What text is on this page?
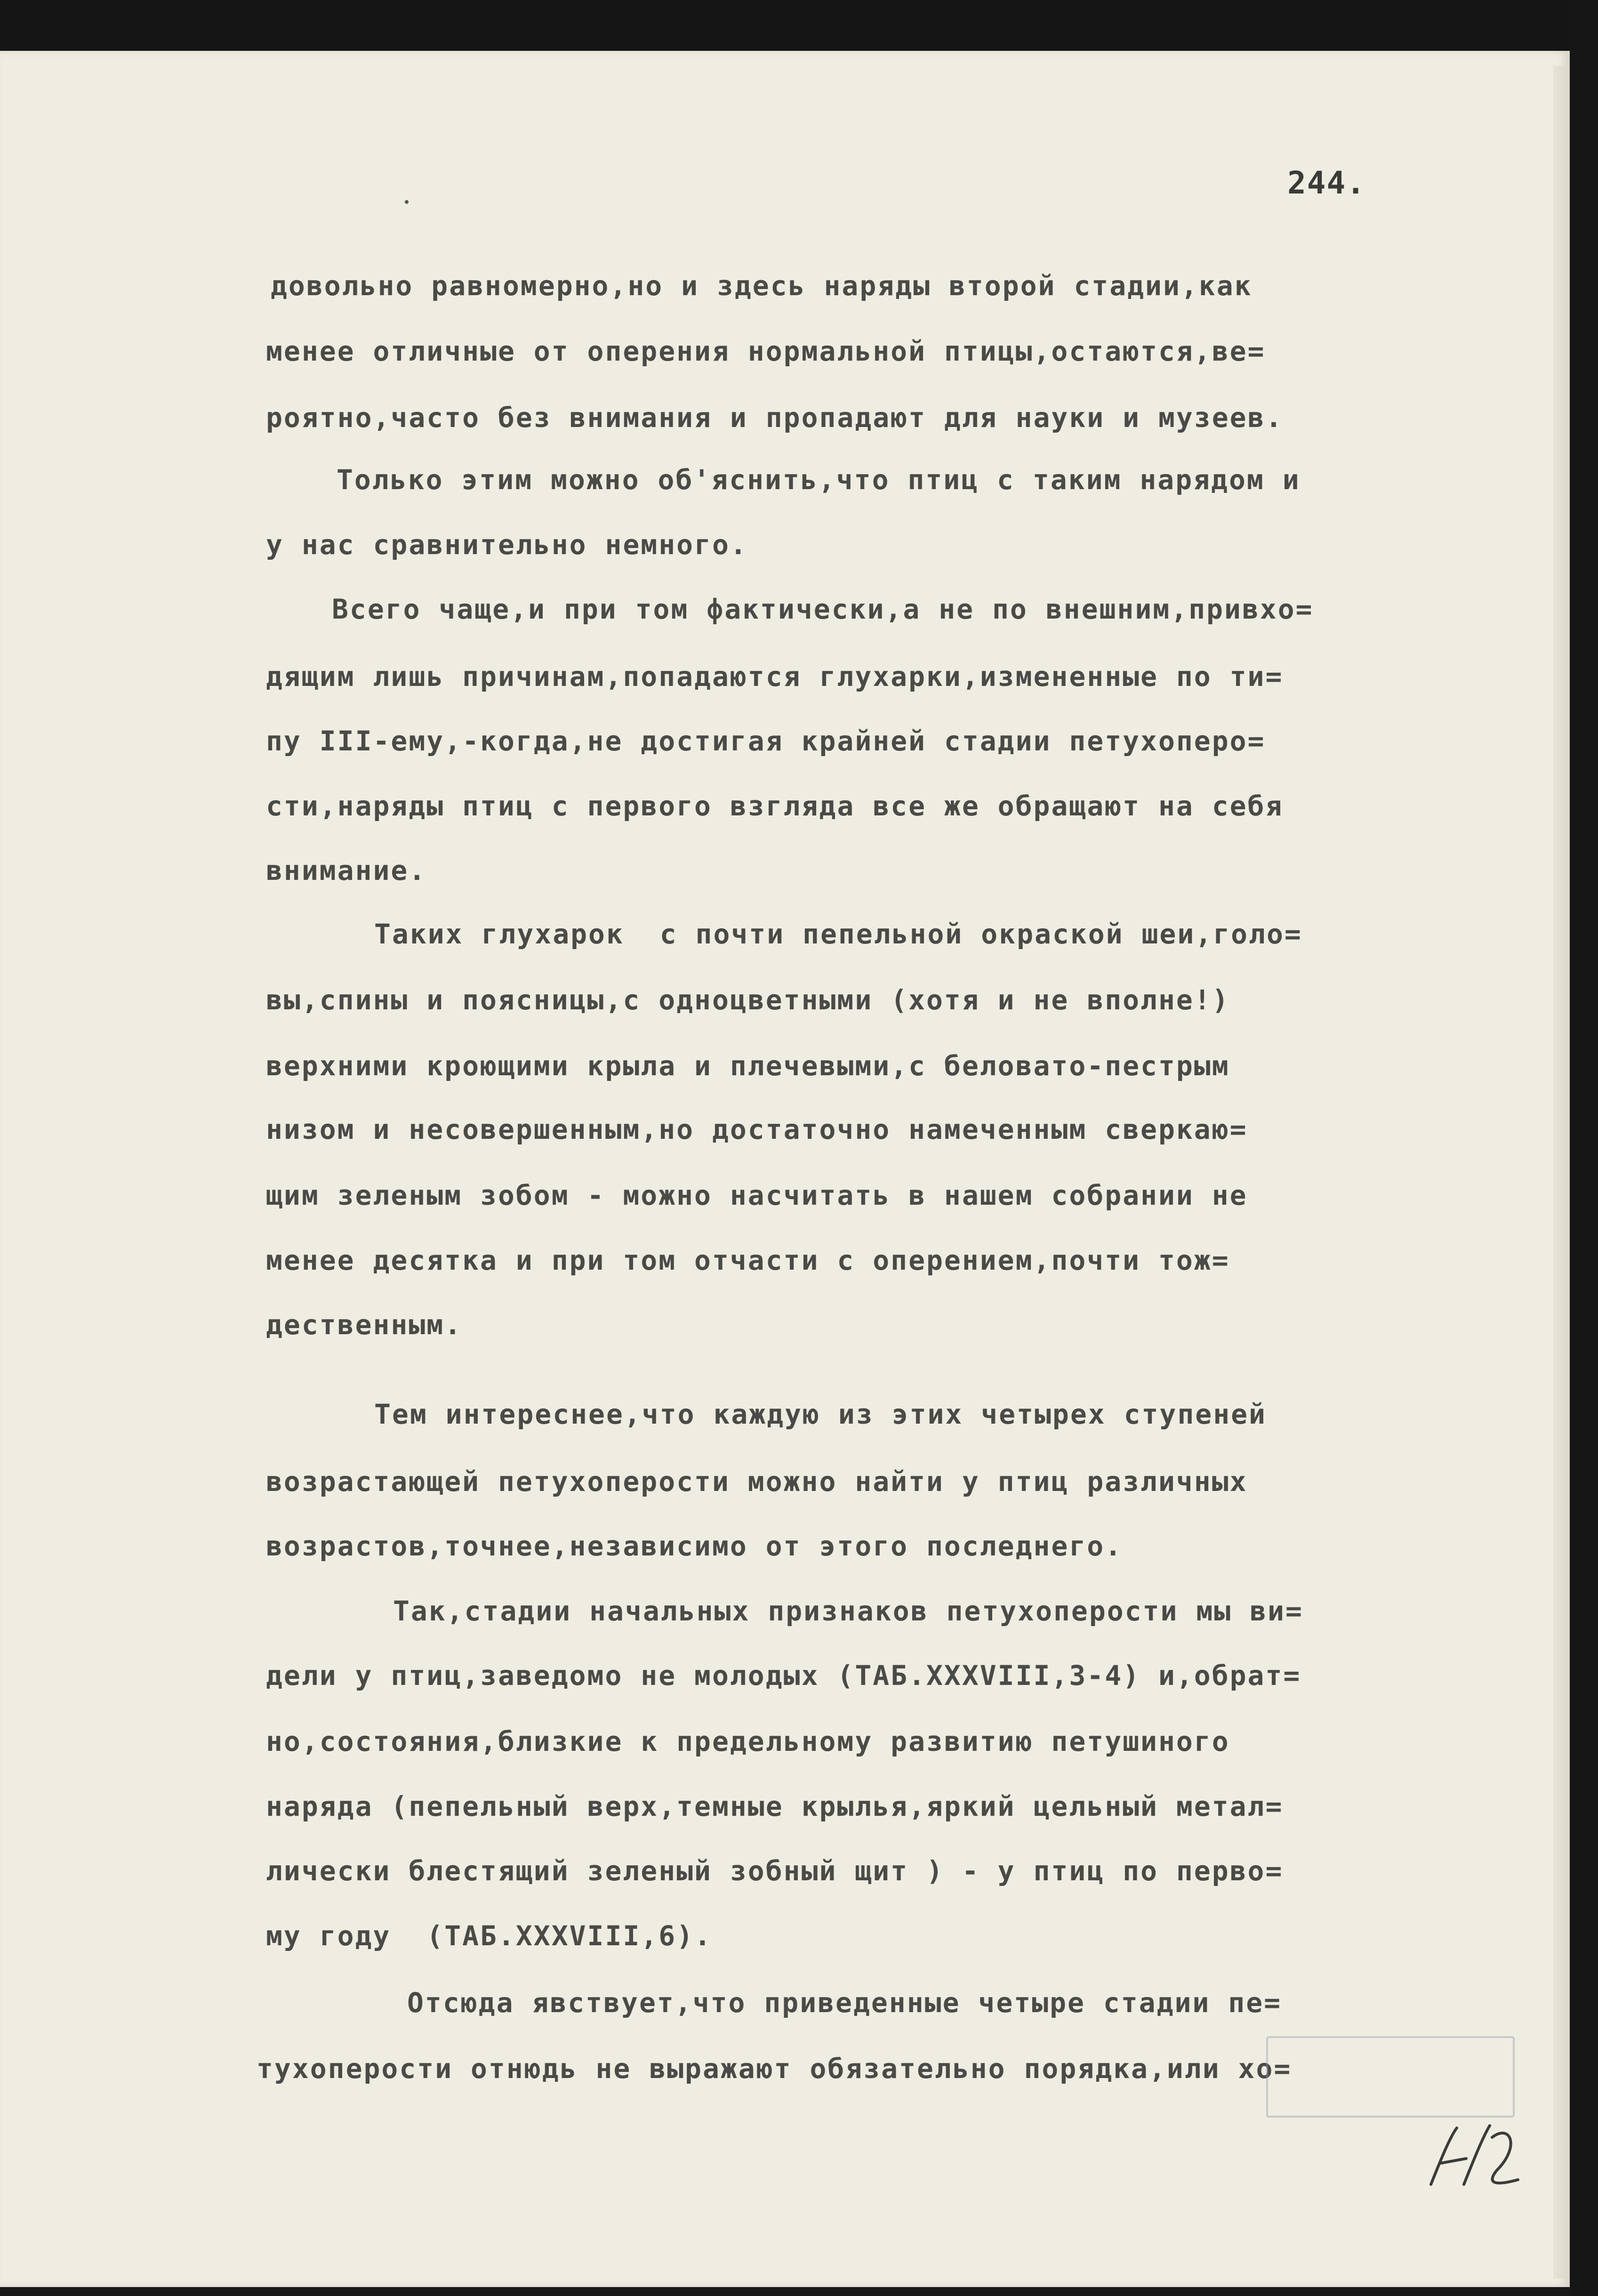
244.
довольно равномерно,но и здесь наряды второй стадии,как
менее отличные от оперения нормальной птицы,остаются,ве=
роятно,часто без внимания и пропадают для науки и музеев.
Только этим можно об'яснить,что птиц с таким нарядом и
у нас сравнительно немного.
Всего чаще,и при том фактически,а не по внешним,привхо=
дящим лишь причинам,попадаются глухарки,измененные по ти=
пу III-ему,-когда,не достигая крайней стадии петухоперо=
сти,наряды птиц с первого взгляда все же обращают на себя
внимание.
Таких глухарок  с почти пепельной окраской шеи,голо=
вы,спины и поясницы,с одноцветными (хотя и не вполне!)
верхними кроющими крыла и плечевыми,с беловато-пестрым
низом и несовершенным,но достаточно намеченным сверкаю=
щим зеленым зобом - можно насчитать в нашем собрании не
менее десятка и при том отчасти с оперением,почти тож=
дественным.
Тем интереснее,что каждую из этих четырех ступеней
возрастающей петухоперости можно найти у птиц различных
возрастов,точнее,независимо от этого последнего.
Так,стадии начальных признаков петухоперости мы ви=
дели у птиц,заведомо не молодых (ТАБ.XXXVIII,3-4) и,обрат=
но,состояния,близкие к предельному развитию петушиного
наряда (пепельный верх,темные крылья,яркий цельный метал=
лически блестящий зеленый зобный щит ) - у птиц по перво=
му году  (ТАБ.XXXVIII,6).
Отсюда явствует,что приведенные четыре стадии пе=
тухоперости отнюдь не выражают обязательно порядка,или хо=
